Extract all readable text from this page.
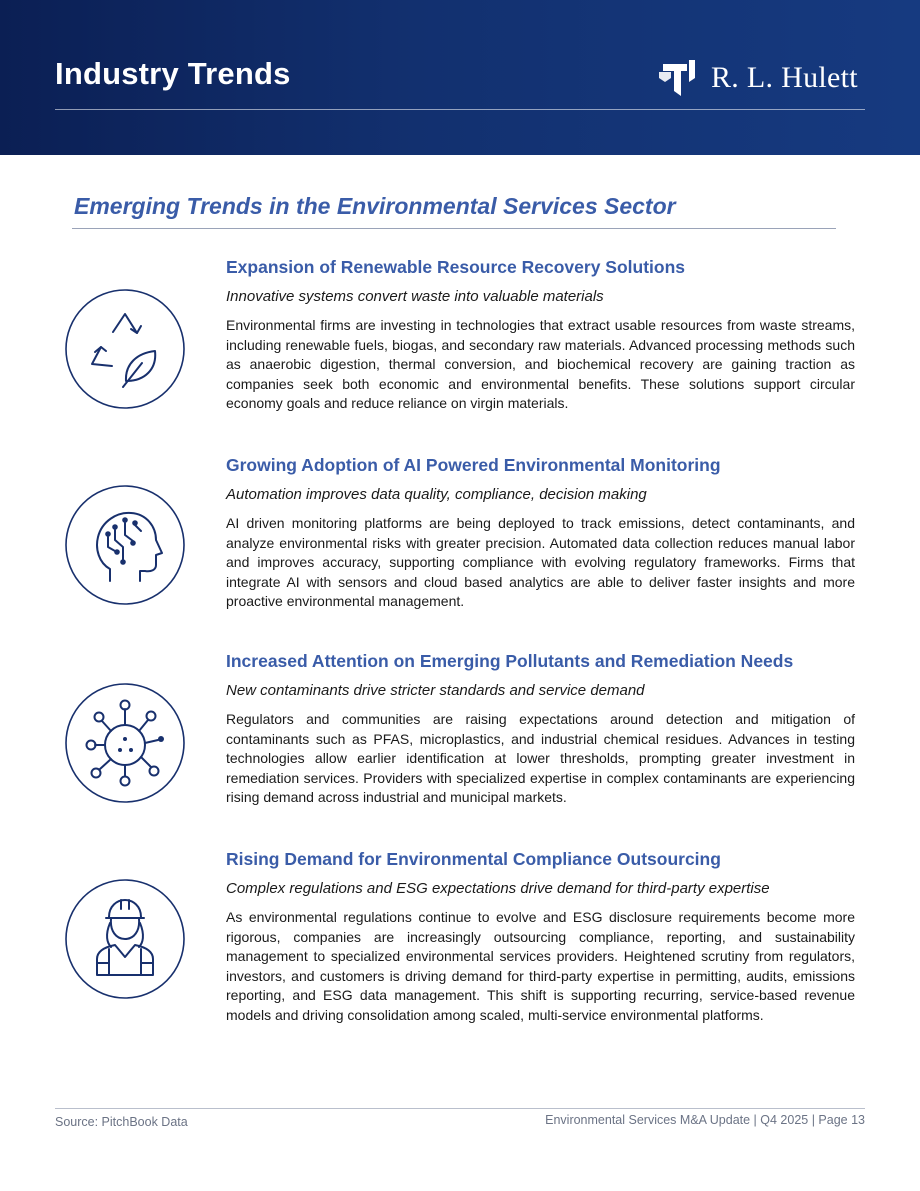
Industry Trends	R. L. Hulett
Emerging Trends in the Environmental Services Sector
Expansion of Renewable Resource Recovery Solutions
Innovative systems convert waste into valuable materials
Environmental firms are investing in technologies that extract usable resources from waste streams, including renewable fuels, biogas, and secondary raw materials. Advanced processing methods such as anaerobic digestion, thermal conversion, and biochemical recovery are gaining traction as companies seek both economic and environmental benefits. These solutions support circular economy goals and reduce reliance on virgin materials.
Growing Adoption of AI Powered Environmental Monitoring
Automation improves data quality, compliance, decision making
AI driven monitoring platforms are being deployed to track emissions, detect contaminants, and analyze environmental risks with greater precision. Automated data collection reduces manual labor and improves accuracy, supporting compliance with evolving regulatory frameworks. Firms that integrate AI with sensors and cloud based analytics are able to deliver faster insights and more proactive environmental management.
Increased Attention on Emerging Pollutants and Remediation Needs
New contaminants drive stricter standards and service demand
Regulators and communities are raising expectations around detection and mitigation of contaminants such as PFAS, microplastics, and industrial chemical residues. Advances in testing technologies allow earlier identification at lower thresholds, prompting greater investment in remediation services. Providers with specialized expertise in complex contaminants are experiencing rising demand across industrial and municipal markets.
Rising Demand for Environmental Compliance Outsourcing
Complex regulations and ESG expectations drive demand for third-party expertise
As environmental regulations continue to evolve and ESG disclosure requirements become more rigorous, companies are increasingly outsourcing compliance, reporting, and sustainability management to specialized environmental services providers. Heightened scrutiny from regulators, investors, and customers is driving demand for third-party expertise in permitting, audits, emissions reporting, and ESG data management. This shift is supporting recurring, service-based revenue models and driving consolidation among scaled, multi-service environmental platforms.
Source: PitchBook Data	Environmental Services M&A Update | Q4 2025 | Page 13
